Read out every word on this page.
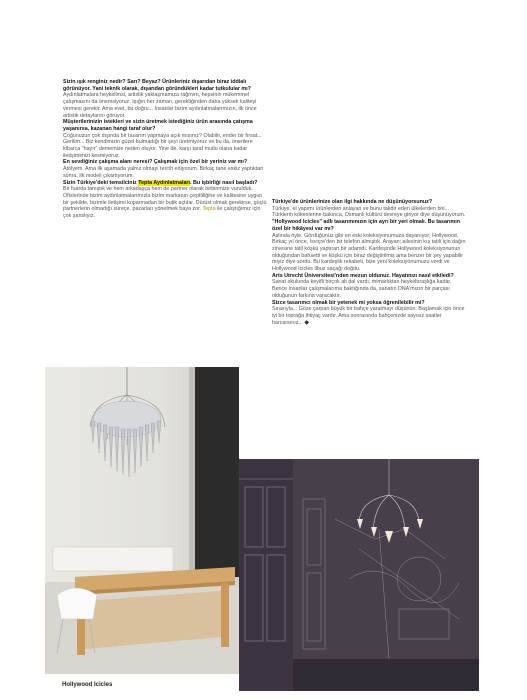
Sizin ışık renginiz nedir? Sarı? Beyaz? Ürünleriniz dışarıdan biraz iddialı görünüyor. Yani teknik olarak, dışarıdan göründükleri kadar tutkulular mı?

Aydınlatmalara heykelimsi, artistik yaklaşmamıza rağmen, hepsinin mükemmel çalışmasını da önemsiyoruz. Işığın her zaman, gerektiğinden daha yüksek kaliteyi vermesi gerekir. Ama evet, bu doğru... İnsanlar bizim aydınlatmalarımızın, ilk önce artistik detaylarını görüyor.

Müşterilerinizin istekleri ve sizin üretmek istediğiniz ürün arasında çatışma yaşanırsa, kazanan hangi taraf olur?

Çoğunuzun çok dışında bir tasarım yapmaya açık mısınız? Olabilir, ender bir fırsat... Gerilim... Biz kendimizin güzel bulmadığı bir şeyi üretmiyoruz ve bu da, önerilere kibarca "hayır" dememize neden oluyor. Yine de, karşı taraf mutlu olana kadar iletişimimizi kesmiyoruz.

En sevdiğiniz çalışma alanı neresi? Çalışmak için özel bir yeriniz var mı?

Atölyem. Ama ilk aşamada yalnız olmayı tercih ediyorum. Birkaç tane eskiz yaptıktan sonra, ilk modeli çıkartıyorum.

Sizin Türkiye'deki temsilciniz Tepta Aydınlatmaları. Bu işbirliği nasıl başladı?

Bir fuarda tanıştık ve hem arkadaşça hem de partner olarak birbirimize vurulduk. Ofislerinde bizim aydınlatmalarımızla bizim markanın çeşitliliğine ve kalitesine uygun bir şekilde, bizimle iletişimi koparmadan bir butik açtılar. Dürüst olmak gerekirse, güçlü partnerlerin olmadığı süreçe, pazarları yönetmek baya zor. Tepta ile çalıştığımız için çok şanslıyız.

Türkiye'de ürünlerinize olan ilgi hakkında ne düşünüyorsunuz?

Türkiye, el yapımı ürünlerden anlayan ve bunu takdir eden ülkelerden biri... Türklerin kökenlerine bakınca, Osmanlı kültürü devreye giriyor diye düşünüyorum.

"Hollywood Icicles" adlı tasarımınızın için ayrı bir yeri olmalı. Bu tasarımın özel bir hikâyesi var mı?

Aslında öyle. Gördüğünüz gibi en eski koleksiyonumuza dayanıyor; Hollywood. Birkaç yıl önce, İsviçre'den bir telefon almıştık. Arayan; ailesinin kış tatili için dağın zirvesine tatil köşkü yaptıran bir adamdı. Kardeşinde Hollywood koleksiyonunun olduğundan bahsetti ve köşkü için biraz değiştirilmiş ama benzer bir şey yapabilir miyiz diye sordu. Bu kardeşlik rekabeti, bize yeni koleksiyonumuzu verdi ve Hollywood Icicles ilbuz saçağı doğdu.

Arts Utrecht Üniversitesi'nden mezun oldunuz. Hayatınızı nasıl etkiledi?

Sanat okulunda keyifli birçok alt dal vardı, mimarlıktan heykeltıraşlığa kadar. Bence insanlar çalışmalarıma baktığında da, sanatın DNA'mızın bir parçası olduğunun farkına varacaktır.

Sizce tasarımcı olmak bir yetenek mi yoksa öğrenilebilir mi?

Sırasıyla... Göze çarpan büyük bir bahçe yaratmayı düşünün. Başlamak için önce iyi bir toprağa ihtiyaç vardır. Ama sonrasında bahçenizde sayısız saatler harcarsınız... ◆

Hollywood Icicles
